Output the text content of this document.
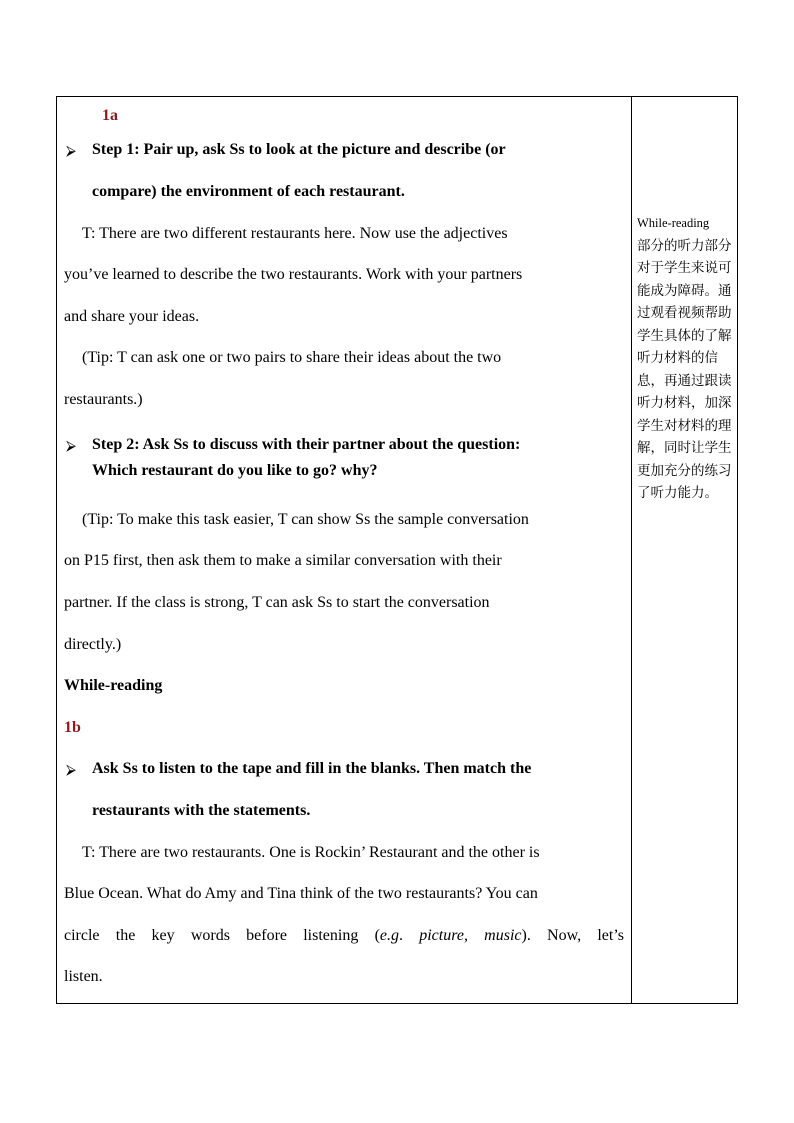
1a
⮚ Step 1: Pair up, ask Ss to look at the picture and describe (or
compare) the environment of each restaurant.
T: There are two different restaurants here. Now use the adjectives
you’ve learned to describe the two restaurants. Work with your partners
and share your ideas.
(Tip: T can ask one or two pairs to share their ideas about the two
restaurants.)
⮚ Step 2: Ask Ss to discuss with their partner about the question:
Which restaurant do you like to go? why?
(Tip: To make this task easier, T can show Ss the sample conversation
on P15 first, then ask them to make a similar conversation with their
partner. If the class is strong, T can ask Ss to start the conversation
directly.)
While-reading
1b
⮚ Ask Ss to listen to the tape and fill in the blanks. Then match the
restaurants with the statements.
T: There are two restaurants. One is Rockin’ Restaurant and the other is
Blue Ocean. What do Amy and Tina think of the two restaurants? You can
circle the key words before listening (e.g. picture, music). Now, let’s
listen.
While-reading
部分的听力部分对于学生来说可能成为障碍。通过观看视频帮助学生具体的了解听力材料的信息，再通过跟读听力材料，加深学生对材料的理解，同时让学生更加充分的练习了听力能力。
